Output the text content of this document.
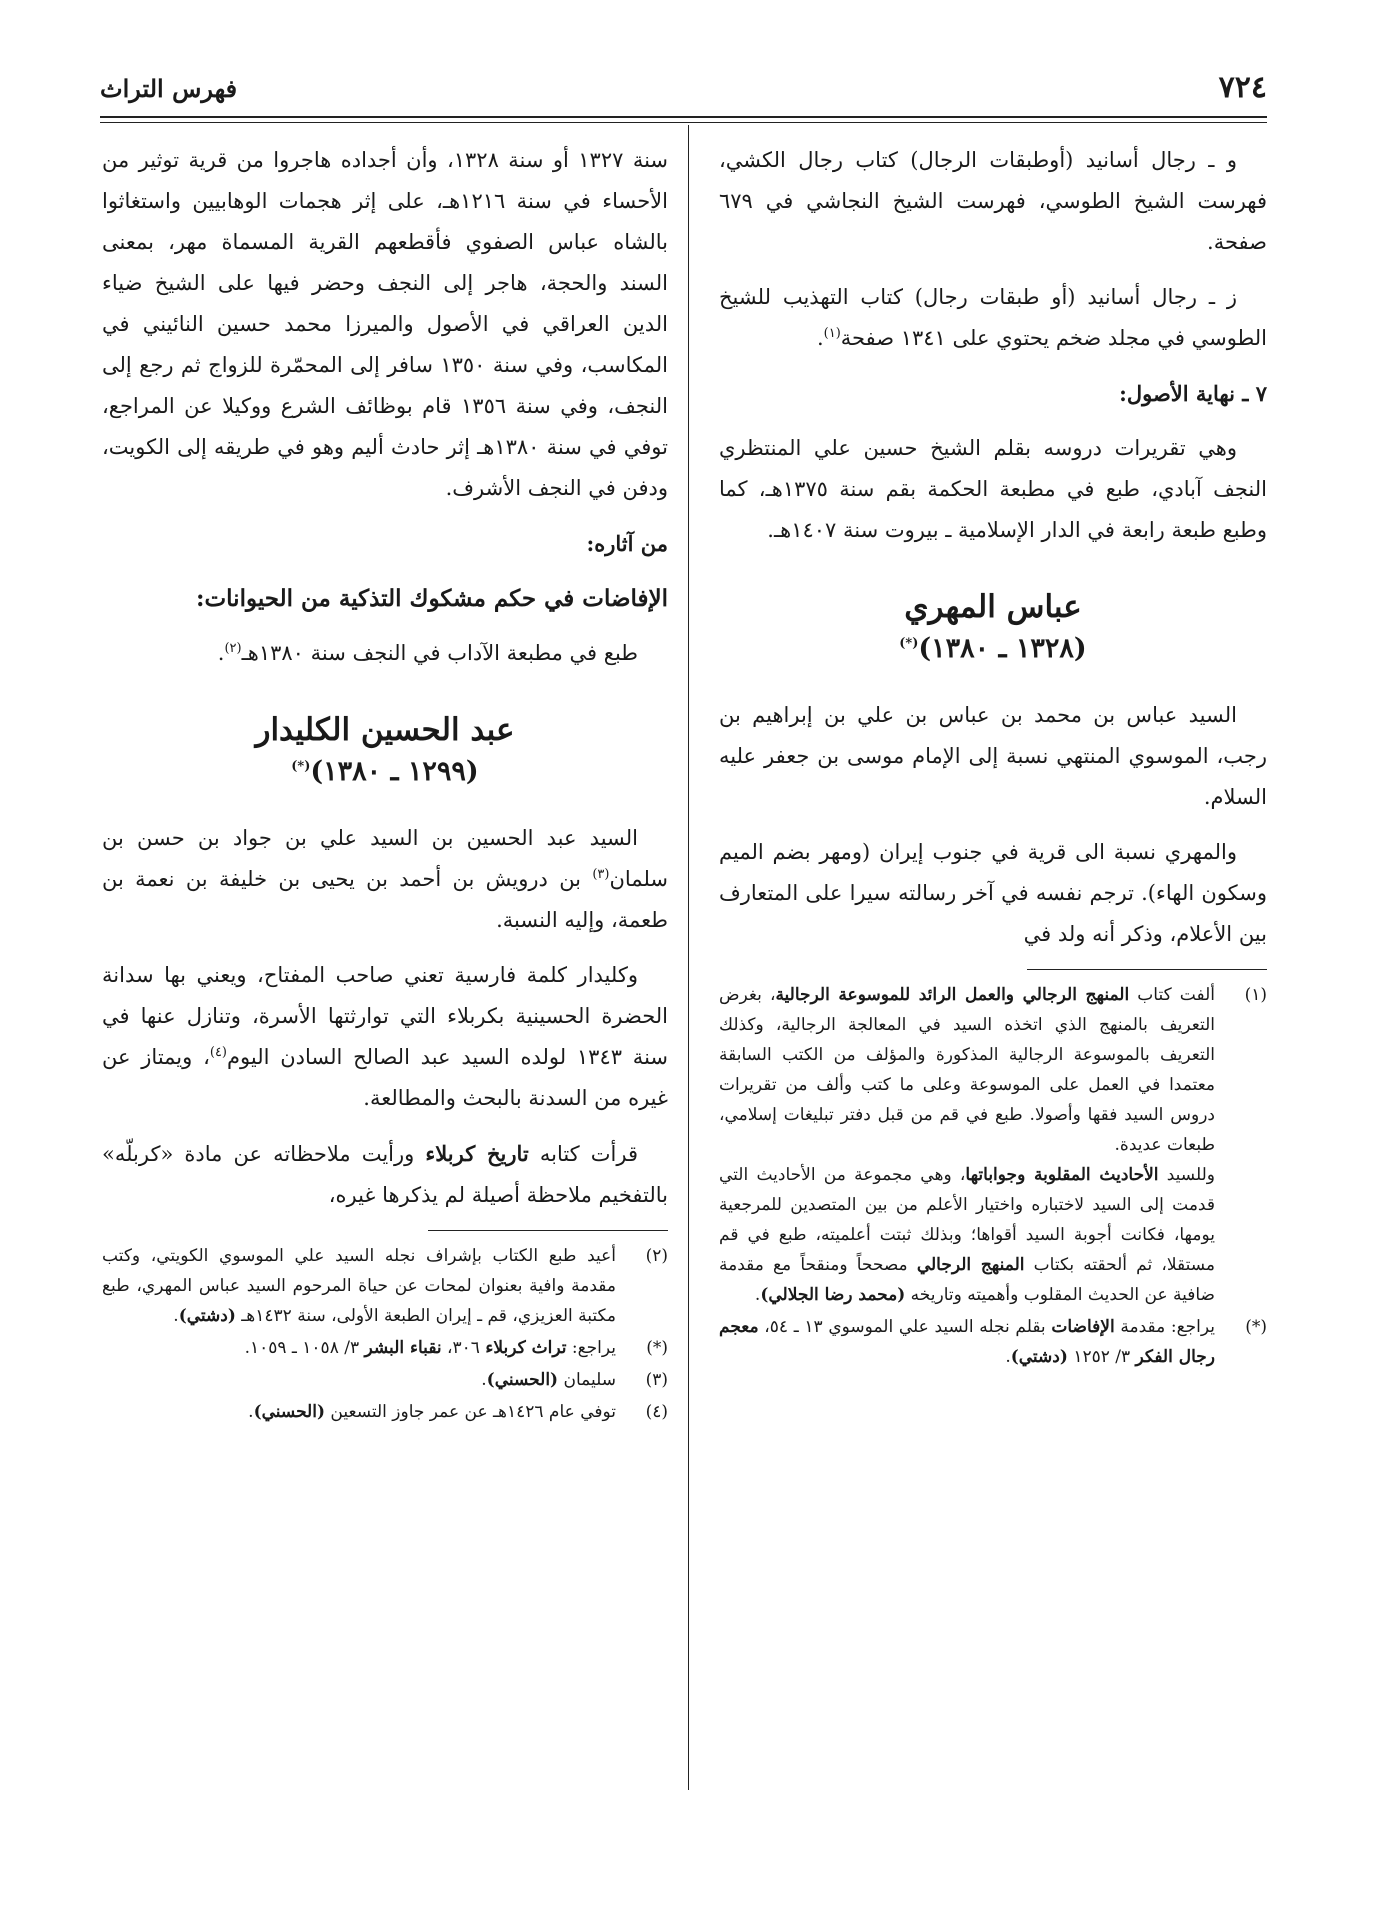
٧٢٤
فهرس التراث

و ـ رجال أسانيد (أوطبقات الرجال) كتاب رجال الكشي، فهرست الشيخ الطوسي، فهرست الشيخ النجاشي في ٦٧٩ صفحة.

ز ـ رجال أسانيد (أو طبقات رجال) كتاب التهذيب للشيخ الطوسي في مجلد ضخم يحتوي على ١٣٤١ صفحة$^{(١)}$.

٧ ـ نهاية الأصول:

وهي تقريرات دروسه بقلم الشيخ حسين علي المنتظري النجف آبادي، طبع في مطبعة الحكمة بقم سنة ١٣٧٥هـ، كما وطبع طبعة رابعة في الدار الإسلامية ـ بيروت سنة ١٤٠٧هـ.

عباس المهري
(١٣٢٨ ـ ١٣٨٠)(*)

السيد عباس بن محمد بن عباس بن علي بن إبراهيم بن رجب، الموسوي المنتهي نسبة إلى الإمام موسى بن جعفر عليه السلام.

والمهري نسبة الى قرية في جنوب إيران (ومهر بضم الميم وسكون الهاء). ترجم نفسه في آخر رسالته سيرا على المتعارف بين الأعلام، وذكر أنه ولد في

(١)
ألفت كتاب المنهج الرجالي والعمل الرائد للموسوعة الرجالية، بغرض التعريف بالمنهج الذي اتخذه السيد في المعالجة الرجالية، وكذلك التعريف بالموسوعة الرجالية المذكورة والمؤلف من الكتب السابقة معتمدا في العمل على الموسوعة وعلى ما كتب وألف من تقريرات دروس السيد فقها وأصولا. طبع في قم من قبل دفتر تبليغات إسلامي، طبعات عديدة.
وللسيد الأحاديث المقلوبة وجواباتها، وهي مجموعة من الأحاديث التي قدمت إلى السيد لاختباره واختيار الأعلم من بين المتصدين للمرجعية يومها، فكانت أجوبة السيد أقواها؛ وبذلك ثبتت أعلميته، طبع في قم مستقلا، ثم ألحقته بكتاب المنهج الرجالي مصححاً ومنقحاً مع مقدمة ضافية عن الحديث المقلوب وأهميته وتاريخه (محمد رضا الجلالي).
(*)
يراجع: مقدمة الإفاضات بقلم نجله السيد علي الموسوي ١٣ ـ ٥٤، معجم رجال الفكر ٣/ ١٢٥٢ (دشتي).

سنة ١٣٢٧ أو سنة ١٣٢٨، وأن أجداده هاجروا من قرية توثير من الأحساء في سنة ١٢١٦هـ، على إثر هجمات الوهابيين واستغاثوا بالشاه عباس الصفوي فأقطعهم القرية المسماة مهر، بمعنى السند والحجة، هاجر إلى النجف وحضر فيها على الشيخ ضياء الدين العراقي في الأصول والميرزا محمد حسين النائيني في المكاسب، وفي سنة ١٣٥٠ سافر إلى المحمّرة للزواج ثم رجع إلى النجف، وفي سنة ١٣٥٦ قام بوظائف الشرع ووكيلا عن المراجع، توفي في سنة ١٣٨٠هـ إثر حادث أليم وهو في طريقه إلى الكويت، ودفن في النجف الأشرف.

من آثاره:

الإفاضات في حكم مشكوك التذكية من الحيوانات:

طبع في مطبعة الآداب في النجف سنة ١٣٨٠هـ$^{(٢)}$.

عبد الحسين الكليدار
(١٢٩٩ ـ ١٣٨٠)(*)

السيد عبد الحسين بن السيد علي بن جواد بن حسن بن سلمان$^{(٣)}$ بن درويش بن أحمد بن يحيى بن خليفة بن نعمة بن طعمة، وإليه النسبة.

وكليدار كلمة فارسية تعني صاحب المفتاح، ويعني بها سدانة الحضرة الحسينية بكربلاء التي توارثتها الأسرة، وتنازل عنها في سنة ١٣٤٣ لولده السيد عبد الصالح السادن اليوم$^{(٤)}$، ويمتاز عن غيره من السدنة بالبحث والمطالعة.

قرأت كتابه تاريخ كربلاء ورأيت ملاحظاته عن مادة «كربلّه» بالتفخيم ملاحظة أصيلة لم يذكرها غيره،

(٢)
أعيد طبع الكتاب بإشراف نجله السيد علي الموسوي الكويتي، وكتب مقدمة وافية بعنوان لمحات عن حياة المرحوم السيد عباس المهري، طبع مكتبة العزيزي، قم ـ إيران الطبعة الأولى، سنة ١٤٣٢هـ (دشتي).
(*)
يراجع: تراث كربلاء ٣٠٦، نقباء البشر ٣/ ١٠٥٨ ـ ١٠٥٩.
(٣)
سليمان (الحسني).
(٤)
توفي عام ١٤٢٦هـ عن عمر جاوز التسعين (الحسني).
